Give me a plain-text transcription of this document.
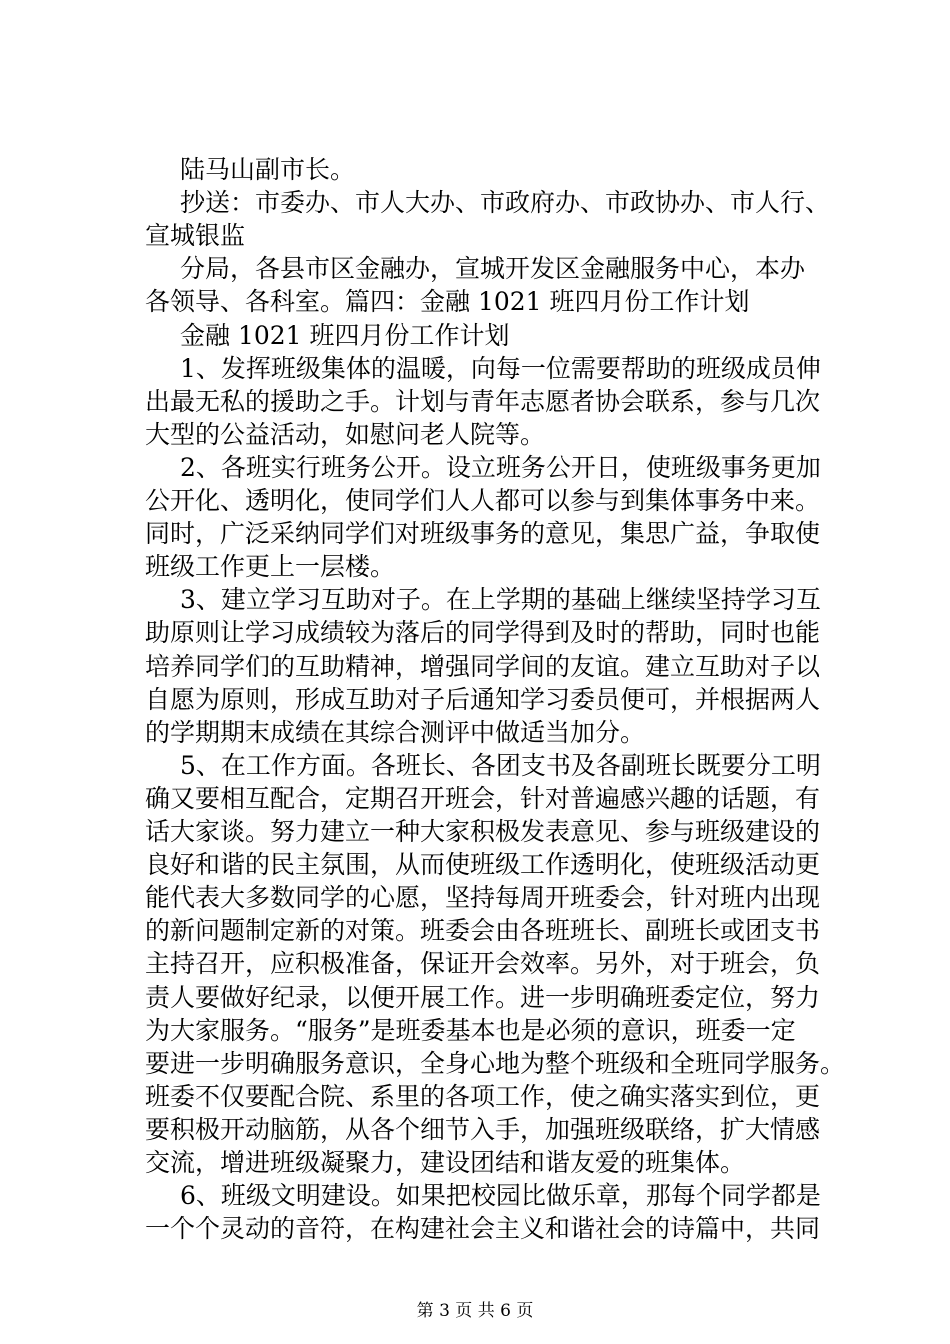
陆马山副市长。
抄送：市委办、市人大办、市政府办、市政协办、市人行、
宣城银监
分局，各县市区金融办，宣城开发区金融服务中心，本办
各领导、各科室。篇四：金融 1021 班四月份工作计划
金融 1021 班四月份工作计划
1、发挥班级集体的温暖，向每一位需要帮助的班级成员伸
出最无私的援助之手。计划与青年志愿者协会联系，参与几次
大型的公益活动，如慰问老人院等。
2、各班实行班务公开。设立班务公开日，使班级事务更加
公开化、透明化，使同学们人人都可以参与到集体事务中来。
同时，广泛采纳同学们对班级事务的意见，集思广益，争取使
班级工作更上一层楼。
3、建立学习互助对子。在上学期的基础上继续坚持学习互
助原则让学习成绩较为落后的同学得到及时的帮助，同时也能
培养同学们的互助精神，增强同学间的友谊。建立互助对子以
自愿为原则，形成互助对子后通知学习委员便可，并根据两人
的学期期末成绩在其综合测评中做适当加分。
5、在工作方面。各班长、各团支书及各副班长既要分工明
确又要相互配合，定期召开班会，针对普遍感兴趣的话题，有
话大家谈。努力建立一种大家积极发表意见、参与班级建设的
良好和谐的民主氛围，从而使班级工作透明化，使班级活动更
能代表大多数同学的心愿，坚持每周开班委会，针对班内出现
的新问题制定新的对策。班委会由各班班长、副班长或团支书
主持召开，应积极准备，保证开会效率。另外，对于班会，负
责人要做好纪录，以便开展工作。进一步明确班委定位，努力
为大家服务。“服务”是班委基本也是必须的意识，班委一定
要进一步明确服务意识，全身心地为整个班级和全班同学服务。
班委不仅要配合院、系里的各项工作，使之确实落实到位，更
要积极开动脑筋，从各个细节入手，加强班级联络，扩大情感
交流，增进班级凝聚力，建设团结和谐友爱的班集体。
6、班级文明建设。如果把校园比做乐章，那每个同学都是
一个个灵动的音符，在构建社会主义和谐社会的诗篇中，共同
第 3 页 共 6 页
